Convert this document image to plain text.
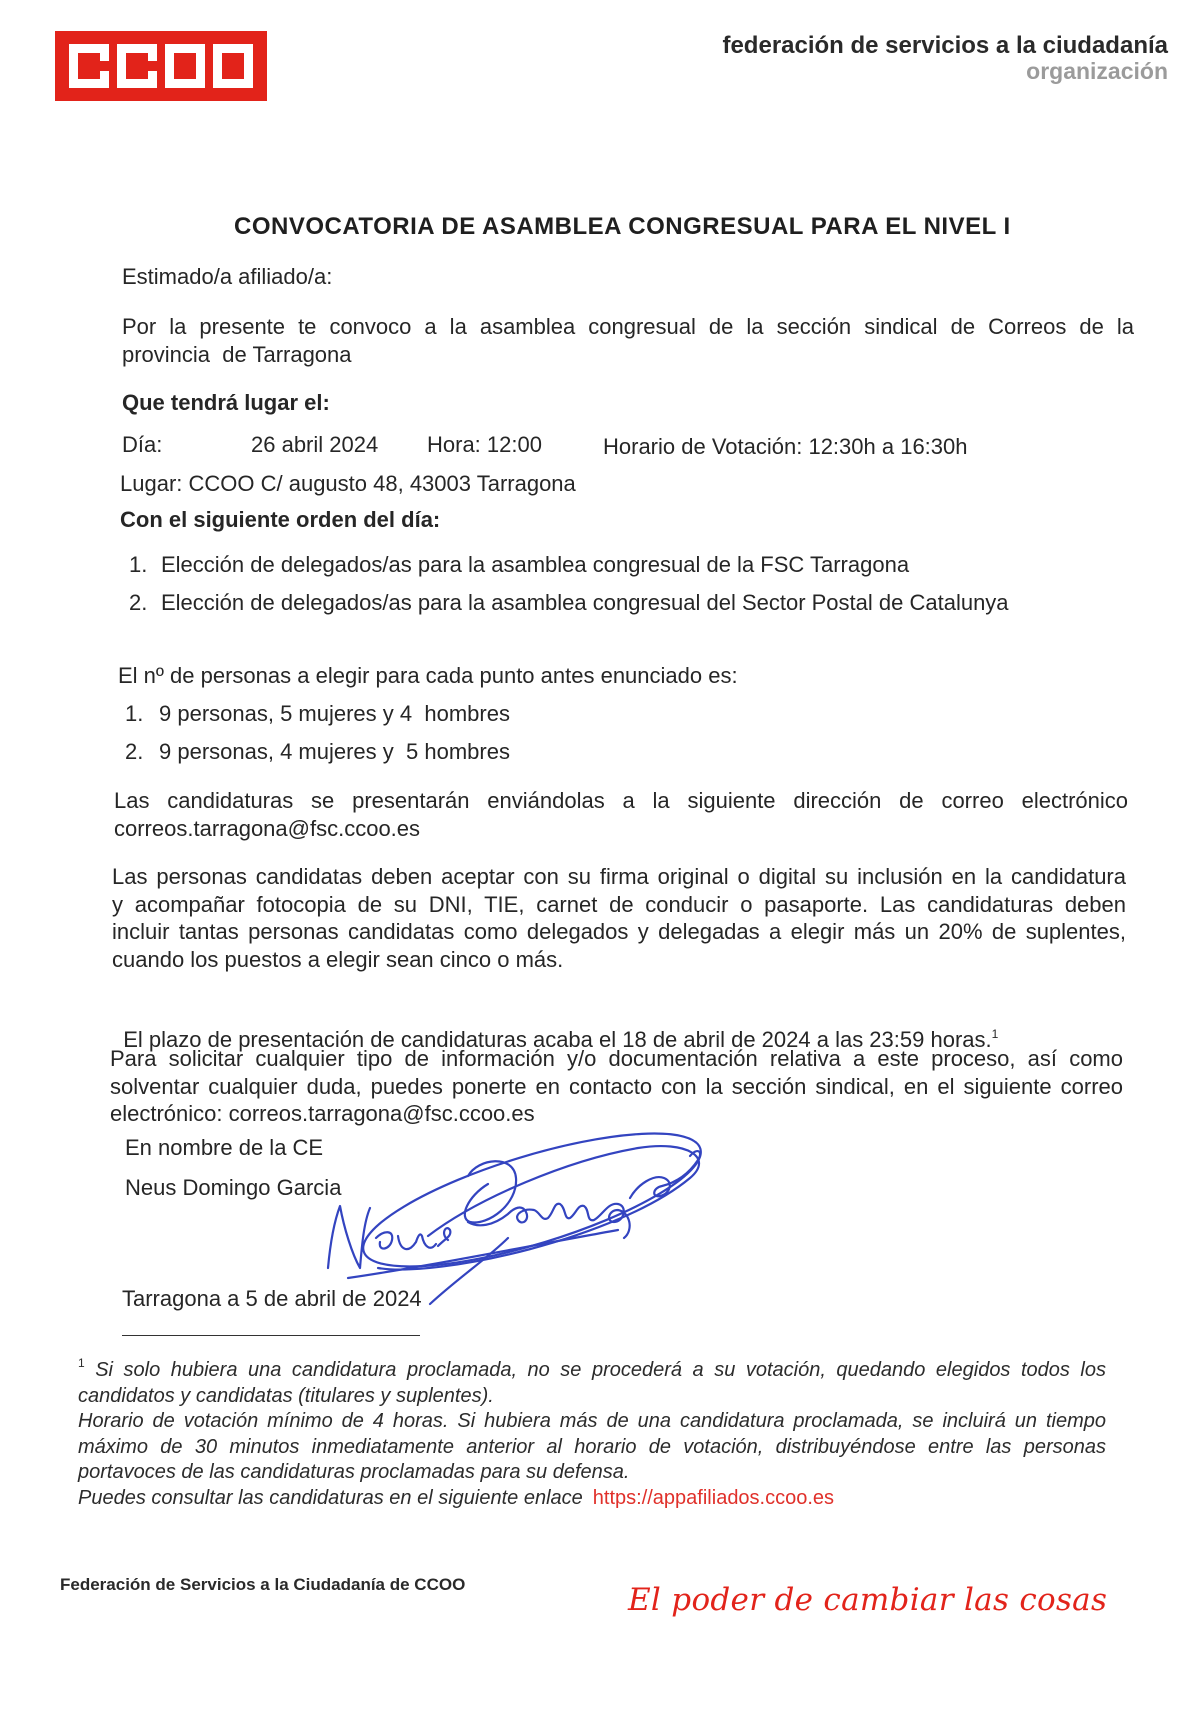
federación de servicios a la ciudadanía
organización
CONVOCATORIA DE ASAMBLEA CONGRESUAL PARA EL NIVEL I
Estimado/a afiliado/a:
Por la presente te convoco a la asamblea congresual de la sección sindical de Correos de la
provincia  de Tarragona
Que tendrá lugar el:
Día:	26 abril 2024 Hora: 12:00	Horario de Votación: 12:30h a 16:30h
Lugar: CCOO C/ augusto 48, 43003 Tarragona
Con el siguiente orden del día:
1. Elección de delegados/as para la asamblea congresual de la FSC Tarragona
2. Elección de delegados/as para la asamblea congresual del Sector Postal de Catalunya
El nº de personas a elegir para cada punto antes enunciado es:
1. 9 personas, 5 mujeres y 4  hombres
2. 9 personas, 4 mujeres y  5 hombres
Las candidaturas se presentarán enviándolas a la siguiente dirección de correo electrónico
correos.tarragona@fsc.ccoo.es
Las personas candidatas deben aceptar con su firma original o digital su inclusión en la candidatura
y acompañar fotocopia de su DNI, TIE, carnet de conducir o pasaporte. Las candidaturas deben
incluir tantas personas candidatas como delegados y delegadas a elegir más un 20% de suplentes,
cuando los puestos a elegir sean cinco o más.

El plazo de presentación de candidaturas acaba el 18 de abril de 2024 a las 23:59 horas.$^1$

Para solicitar cualquier tipo de información y/o documentación relativa a este proceso, así como
solventar cualquier duda, puedes ponerte en contacto con la sección sindical, en el siguiente correo
electrónico: correos.tarragona@fsc.ccoo.es
En nombre de la CE
Neus Domingo Garcia
Tarragona a 5 de abril de 2024
$^1$ Si solo hubiera una candidatura proclamada, no se procederá a su votación, quedando elegidos todos los
candidatos y candidatas (titulares y suplentes).
Horario de votación mínimo de 4 horas. Si hubiera más de una candidatura proclamada, se incluirá un tiempo
máximo de 30 minutos inmediatamente anterior al horario de votación, distribuyéndose entre las personas
portavoces de las candidaturas proclamadas para su defensa.
Puedes consultar las candidaturas en el siguiente enlace https://appafiliados.ccoo.es
Federación de Servicios a la Ciudadanía de CCOO	El poder de cambiar las cosas
